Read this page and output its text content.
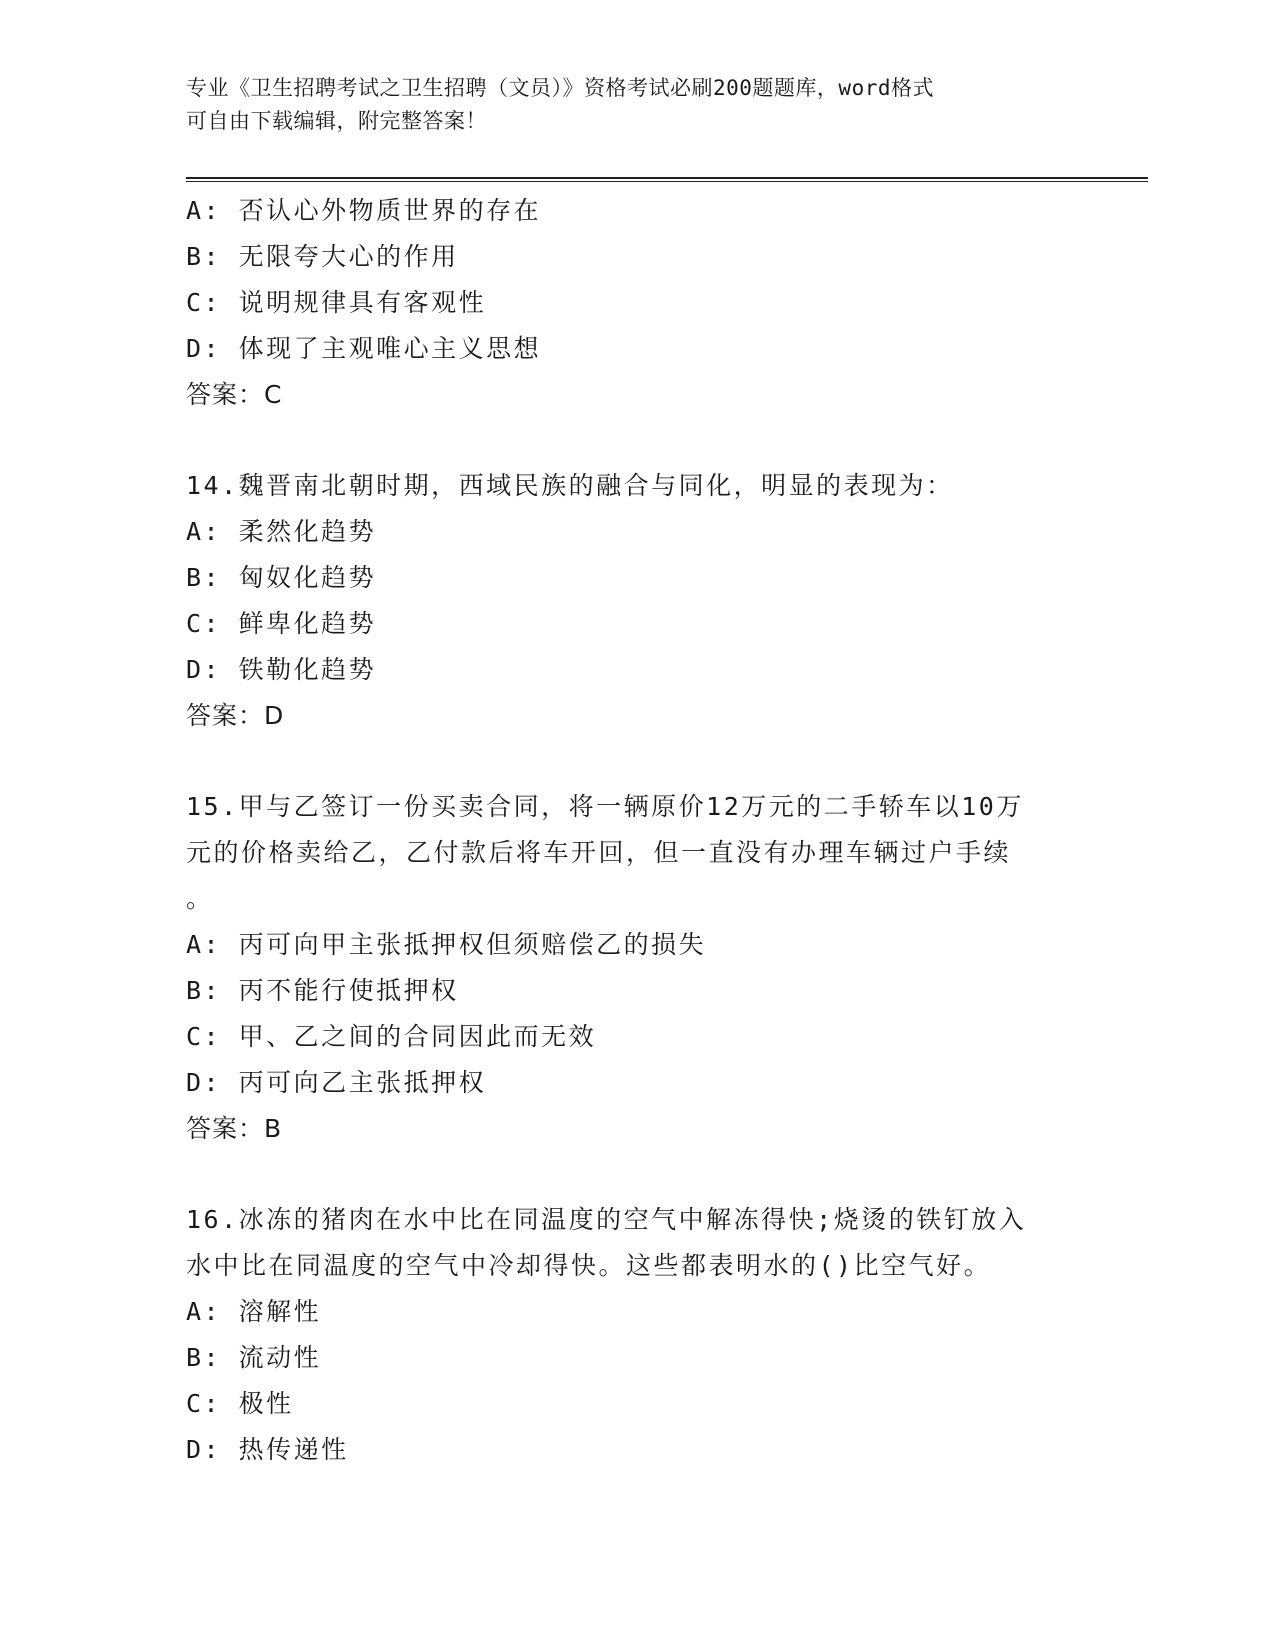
专业《卫生招聘考试之卫生招聘（文员）》资格考试必刷200题题库，word格式
可自由下载编辑，附完整答案！
A: 否认心外物质世界的存在
B: 无限夸大心的作用
C: 说明规律具有客观性
D: 体现了主观唯心主义思想
答案：C
14.魏晋南北朝时期，西域民族的融合与同化，明显的表现为：
A: 柔然化趋势
B: 匈奴化趋势
C: 鲜卑化趋势
D: 铁勒化趋势
答案：D
15.甲与乙签订一份买卖合同，将一辆原价12万元的二手轿车以10万
元的价格卖给乙，乙付款后将车开回，但一直没有办理车辆过户手续
。
A: 丙可向甲主张抵押权但须赔偿乙的损失
B: 丙不能行使抵押权
C: 甲、乙之间的合同因此而无效
D: 丙可向乙主张抵押权
答案：B
16.冰冻的猪肉在水中比在同温度的空气中解冻得快;烧烫的铁钉放入
水中比在同温度的空气中冷却得快。这些都表明水的()比空气好。
A: 溶解性
B: 流动性
C: 极性
D: 热传递性
